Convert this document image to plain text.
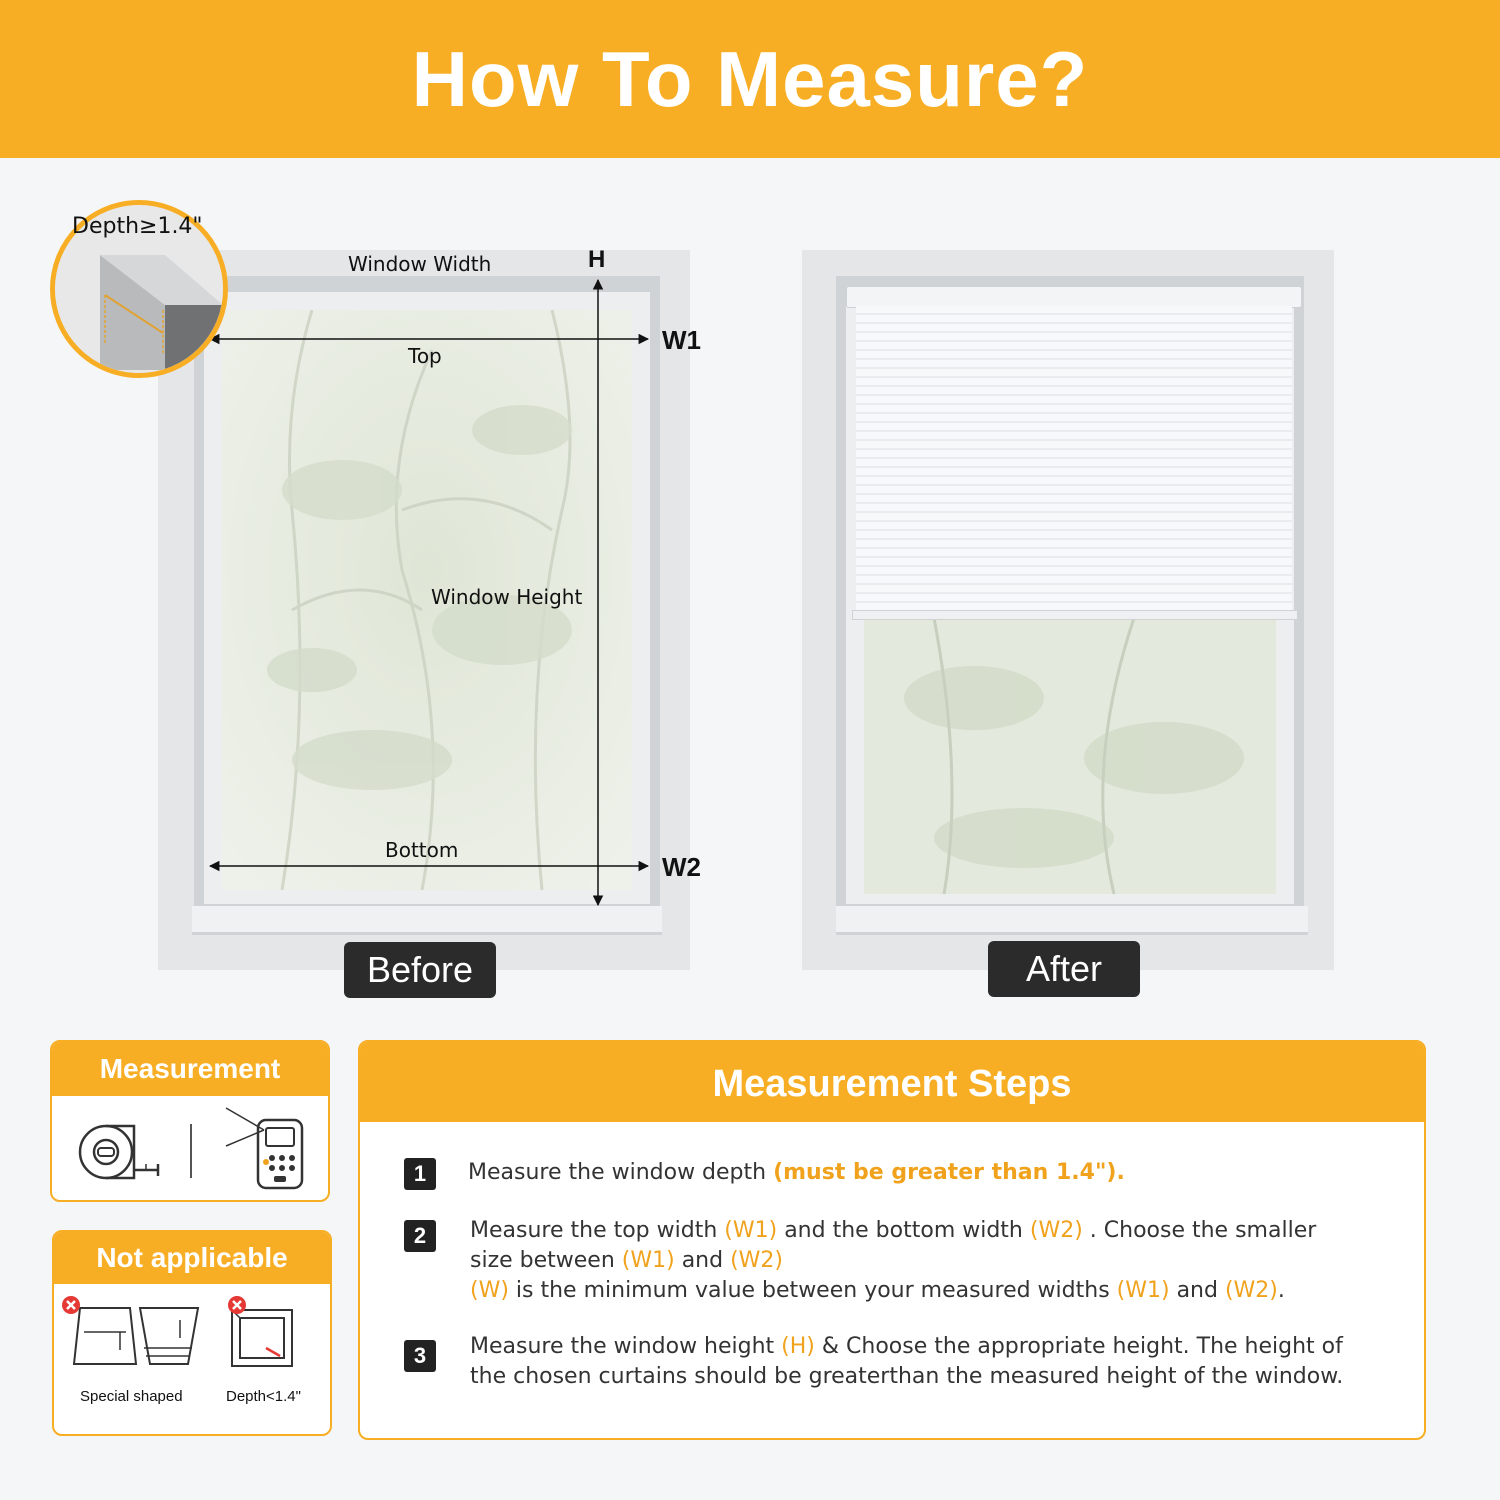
How To Measure?
Window Width	H
Top
W1
Window Height
Bottom
W2
Depth≥1.4"
Before	After
Measurement
Not applicable
Special shaped	Depth<1.4"
Measurement Steps
1	Measure the window depth (must be greater than 1.4").
2	Measure the top width (W1) and the bottom width (W2) . Choose the smaller
size between (W1) and (W2)
(W) is the minimum value between your measured widths (W1) and (W2).
3	Measure the window height (H) & Choose the appropriate height. The height of
the chosen curtains should be greaterthan the measured height of the window.
